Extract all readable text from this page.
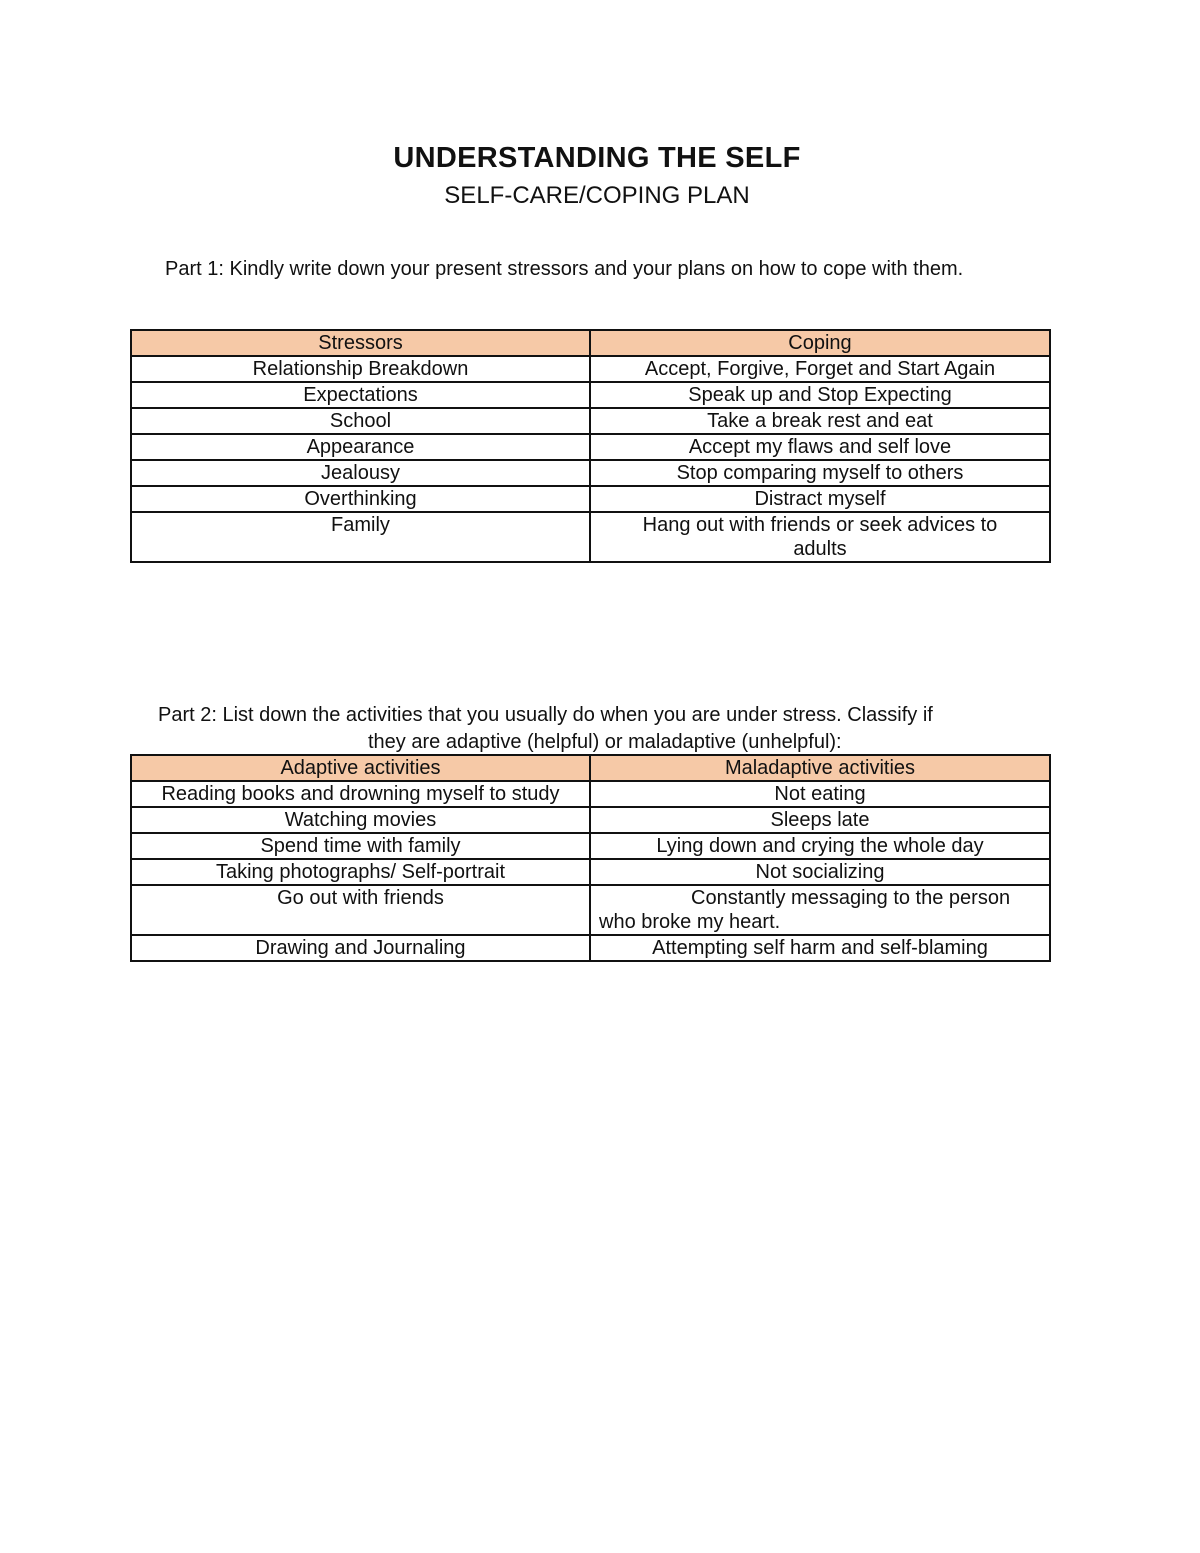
UNDERSTANDING THE SELF
SELF-CARE/COPING PLAN
Part 1: Kindly write down your present stressors and your plans on how to cope with them.
Stressors	Coping
Relationship Breakdown	Accept, Forgive, Forget and Start Again
Expectations	Speak up and Stop Expecting
School	Take a break rest and eat
Appearance	Accept my flaws and self love
Jealousy	Stop comparing myself to others
Overthinking	Distract myself
Family	Hang out with friends or seek advices to adults
Part 2: List down the activities that you usually do when you are under stress. Classify if
they are adaptive (helpful) or maladaptive (unhelpful):
Adaptive activities	Maladaptive activities
Reading books and drowning myself to study	Not eating
Watching movies	Sleeps late
Spend time with family	Lying down and crying the whole day
Taking photographs/ Self-portrait	Not socializing
Go out with friends	Constantly messaging to the person who broke my heart.
Drawing and Journaling	Attempting self harm and self-blaming
